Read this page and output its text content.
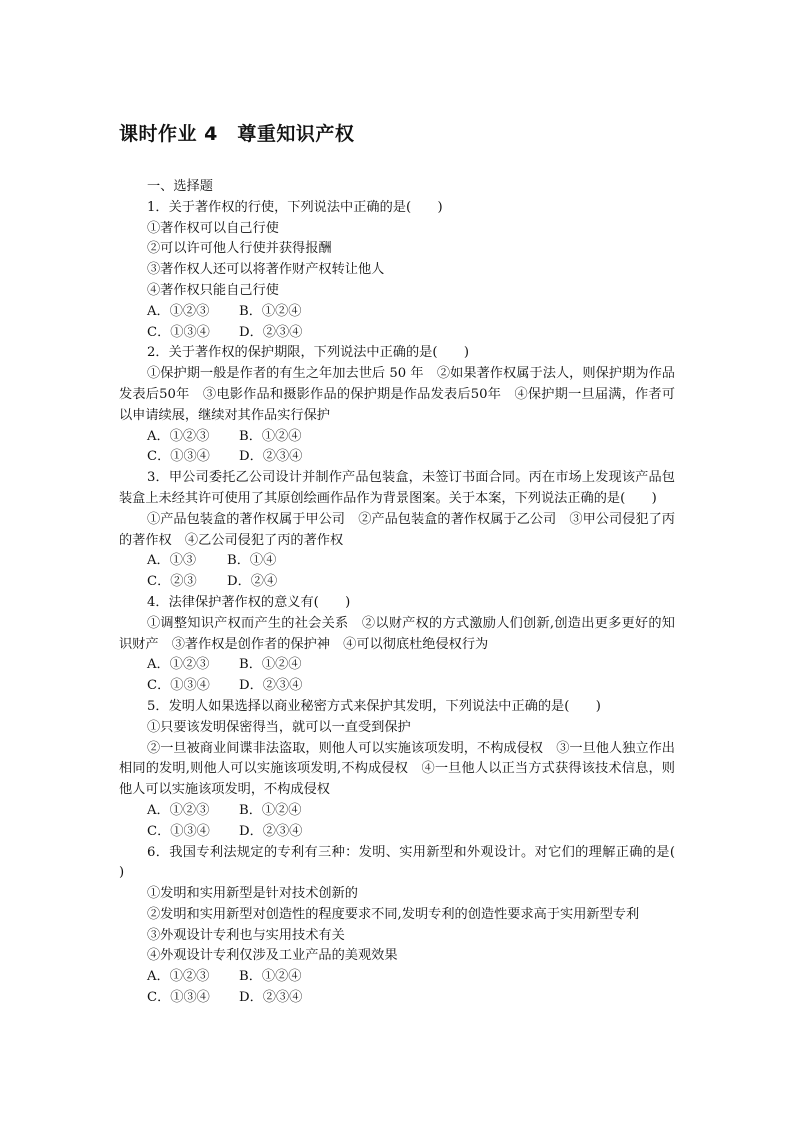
课时作业 4　尊重知识产权
一、选择题
1．关于著作权的行使，下列说法中正确的是(　　)
①著作权可以自己行使
②可以许可他人行使并获得报酬
③著作权人还可以将著作财产权转让他人
④著作权只能自己行使
A．①②③ B．①②④
C．①③④ D．②③④
2．关于著作权的保护期限，下列说法中正确的是(　　)
①保护期一般是作者的有生之年加去世后 50 年　②如果著作权属于法人，则保护期为作品发表后50年　③电影作品和摄影作品的保护期是作品发表后50年　④保护期一旦届满，作者可以申请续展，继续对其作品实行保护
A．①②③ B．①②④
C．①③④ D．②③④
3．甲公司委托乙公司设计并制作产品包装盒，未签订书面合同。丙在市场上发现该产品包装盒上未经其许可使用了其原创绘画作品作为背景图案。关于本案，下列说法正确的是(　　)
①产品包装盒的著作权属于甲公司　②产品包装盒的著作权属于乙公司　③甲公司侵犯了丙的著作权　④乙公司侵犯了丙的著作权
A．①③ B．①④
C．②③ D．②④
4．法律保护著作权的意义有(　　)
①调整知识产权而产生的社会关系　②以财产权的方式激励人们创新,创造出更多更好的知识财产　③著作权是创作者的保护神　④可以彻底杜绝侵权行为
A．①②③ B．①②④
C．①③④ D．②③④
5．发明人如果选择以商业秘密方式来保护其发明，下列说法中正确的是(　　)
①只要该发明保密得当，就可以一直受到保护
②一旦被商业间谍非法盗取，则他人可以实施该项发明，不构成侵权　③一旦他人独立作出相同的发明,则他人可以实施该项发明,不构成侵权　④一旦他人以正当方式获得该技术信息，则他人可以实施该项发明，不构成侵权
A．①②③ B．①②④
C．①③④ D．②③④
6．我国专利法规定的专利有三种：发明、实用新型和外观设计。对它们的理解正确的是(　　)
①发明和实用新型是针对技术创新的
②发明和实用新型对创造性的程度要求不同,发明专利的创造性要求高于实用新型专利
③外观设计专利也与实用技术有关
④外观设计专利仅涉及工业产品的美观效果
A．①②③ B．①②④
C．①③④ D．②③④
